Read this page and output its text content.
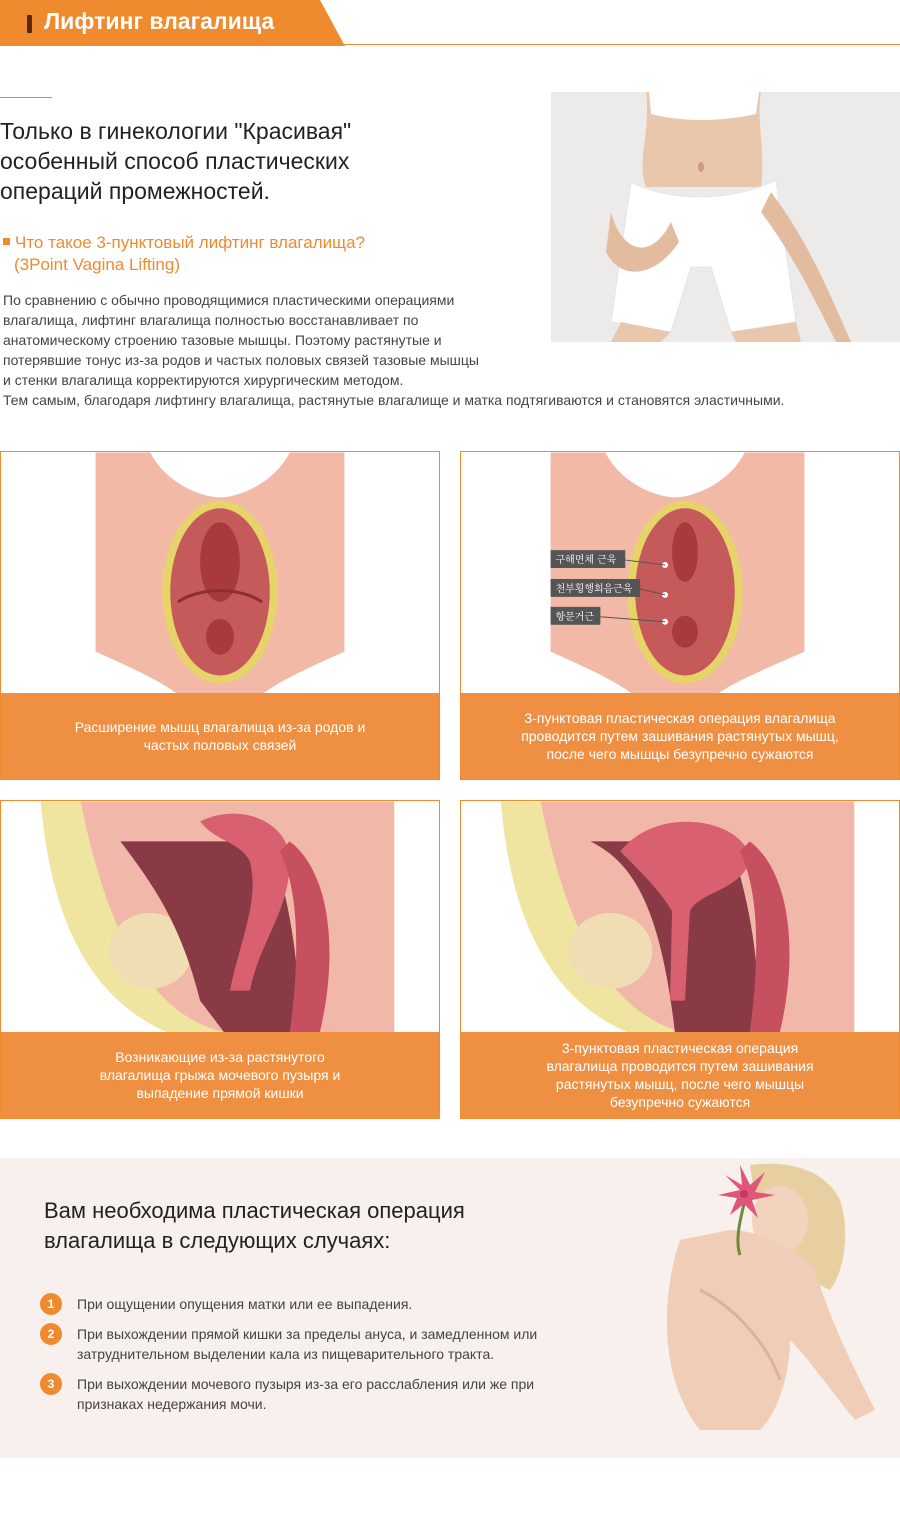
Лифтинг влагалища
Только в гинекологии "Красивая"
особенный способ пластических
операций промежностей.
Что такое 3-пунктовый лифтинг влагалища?
(3Point Vagina Lifting)
По сравнению с обычно проводящимися пластическими операциями
влагалища, лифтинг влагалища полностью восстанавливает по
анатомическому строению тазовые мышцы. Поэтому растянутые и
потерявшие тонус из-за родов и частых половых связей тазовые мышцы
и стенки влагалища корректируются хирургическим методом.
Тем самым, благодаря лифтингу влагалища, растянутые влагалище и матка подтягиваются и становятся эластичными.
Расширение мышц влагалища из-за родов и
частых половых связей
구해면체 근육
천부횡행회음근육
항문거근
3-пунктовая пластическая операция влагалища
проводится путем зашивания растянутых мышц,
после чего мышцы безупречно сужаются
Возникающие из-за растянутого
влагалища грыжа мочевого пузыря и
выпадение прямой кишки
3-пунктовая пластическая операция
влагалища проводится путем зашивания
растянутых мышц, после чего мышцы
безупречно сужаются
Вам необходима пластическая операция
влагалища в следующих случаях:
1	При ощущении опущения матки или ее выпадения.
2	При выхождении прямой кишки за пределы ануса, и замедленном или
затруднительном выделении кала из пищеварительного тракта.
3	При выхождении мочевого пузыря из-за его расслабления или же при
признаках недержания мочи.
